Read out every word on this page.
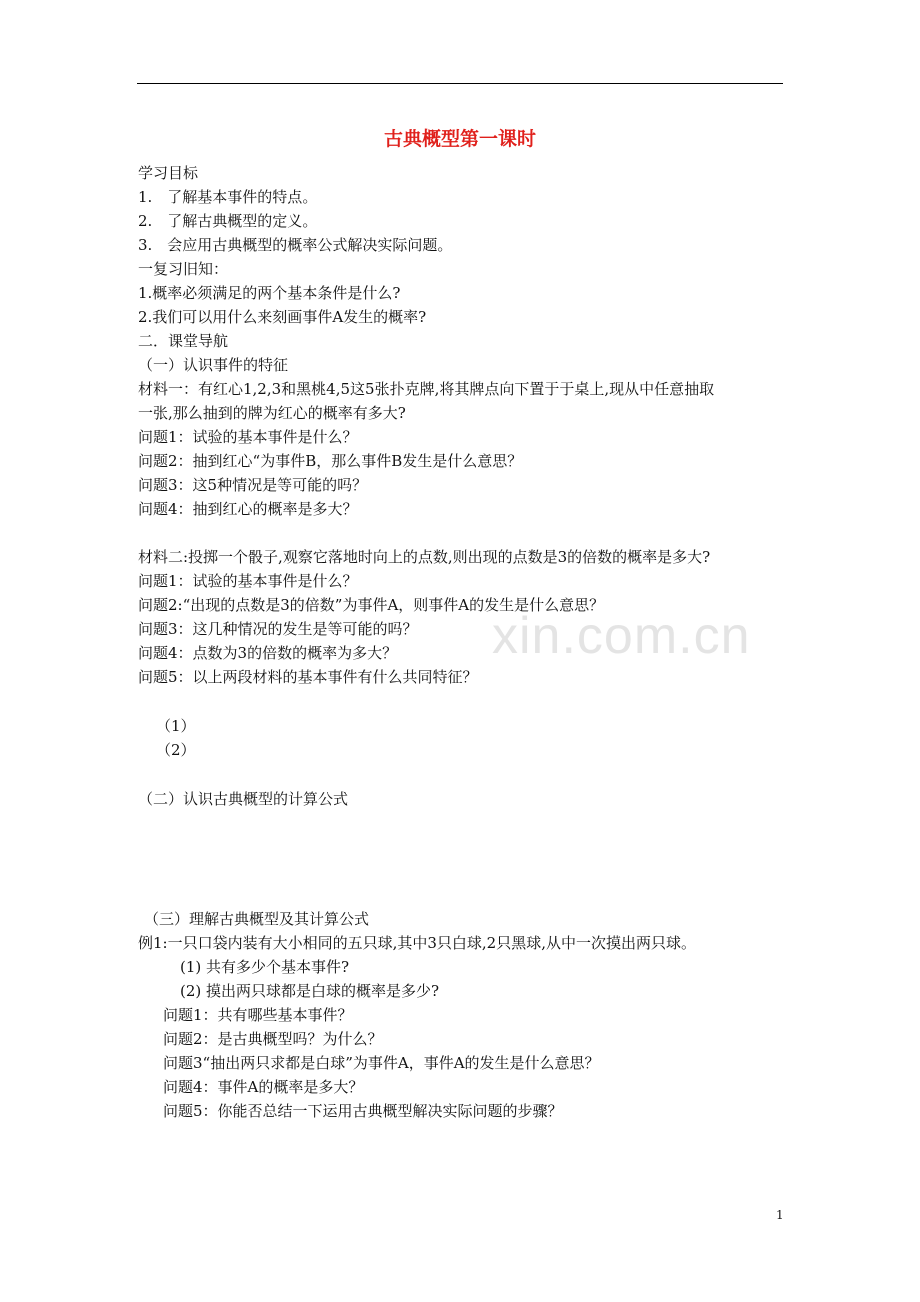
古典概型第一课时
xin.com.cn
学习目标
1.　了解基本事件的特点。
2.　了解古典概型的定义。
3.　会应用古典概型的概率公式解决实际问题。
一复习旧知：
1.概率必须满足的两个基本条件是什么?
2.我们可以用什么来刻画事件A发生的概率?
二．课堂导航
（一）认识事件的特征
材料一：有红心1,2,3和黑桃4,5这5张扑克牌,将其牌点向下置于于桌上,现从中任意抽取
一张,那么抽到的牌为红心的概率有多大?
问题1：试验的基本事件是什么？
问题2：抽到红心“为事件B，那么事件B发生是什么意思？
问题3：这5种情况是等可能的吗？
问题4：抽到红心的概率是多大？
材料二:投掷一个骰子,观察它落地时向上的点数,则出现的点数是3的倍数的概率是多大?
问题1：试验的基本事件是什么？
问题2:“出现的点数是3的倍数”为事件A，则事件A的发生是什么意思？
问题3：这几种情况的发生是等可能的吗？
问题4：点数为3的倍数的概率为多大？
问题5：以上两段材料的基本事件有什么共同特征？
（1）
（2）
（二）认识古典概型的计算公式
（三）理解古典概型及其计算公式
例1:一只口袋内装有大小相同的五只球,其中3只白球,2只黑球,从中一次摸出两只球。
(1) 共有多少个基本事件?
(2) 摸出两只球都是白球的概率是多少?
问题1：共有哪些基本事件？
问题2：是古典概型吗？为什么？
问题3“抽出两只求都是白球”为事件A，事件A的发生是什么意思？
问题4：事件A的概率是多大？
问题5：你能否总结一下运用古典概型解决实际问题的步骤？
1
